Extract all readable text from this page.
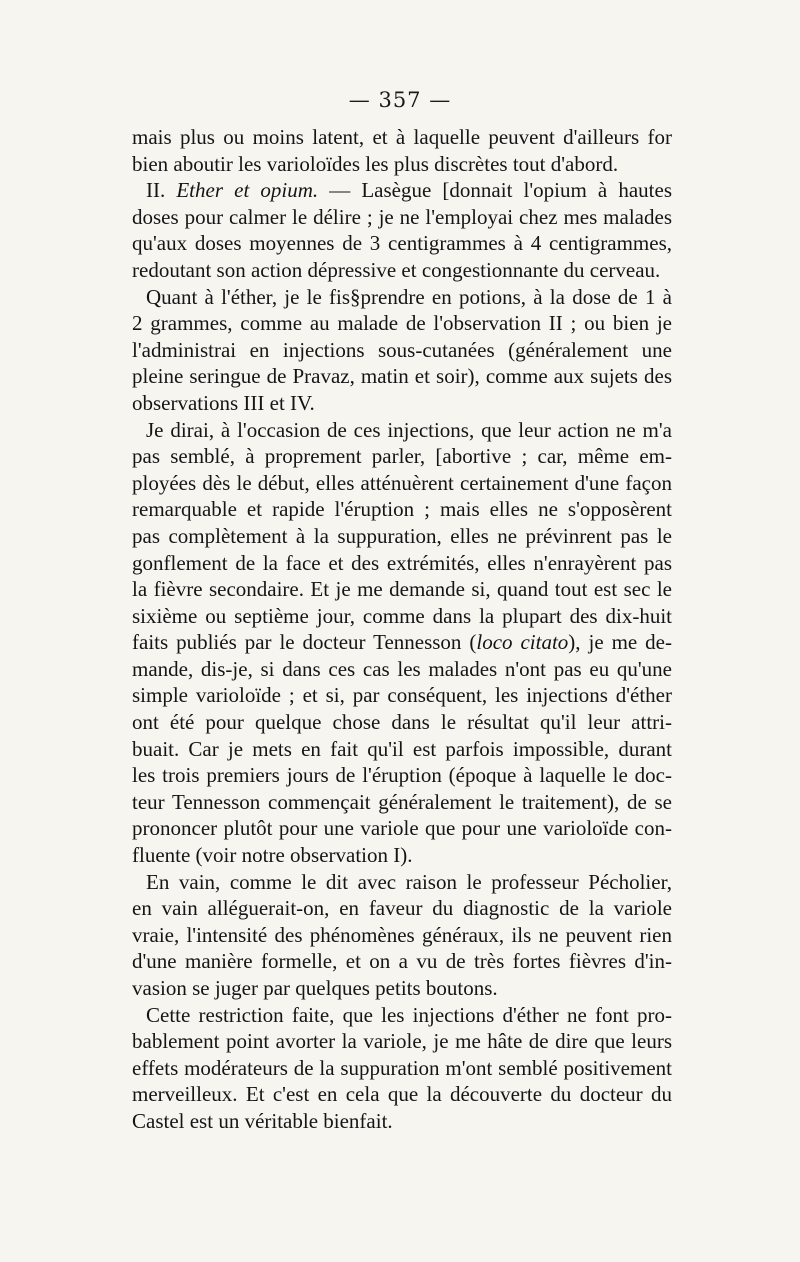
— 357 —
mais plus ou moins latent, et à laquelle peuvent d'ailleurs for
bien aboutir les varioloïdes les plus discrètes tout d'abord.
II. Ether et opium. — Lasègue [donnait l'opium à hautes
doses pour calmer le délire ; je ne l'employai chez mes malades
qu'aux doses moyennes de 3 centigrammes à 4 centigrammes,
redoutant son action dépressive et congestionnante du cerveau.
Quant à l'éther, je le fis§prendre en potions, à la dose de 1 à
2 grammes, comme au malade de l'observation II ; ou bien je
l'administrai en injections sous-cutanées (généralement une
pleine seringue de Pravaz, matin et soir), comme aux sujets des
observations III et IV.
Je dirai, à l'occasion de ces injections, que leur action ne m'a
pas semblé, à proprement parler, [abortive ; car, même em-
ployées dès le début, elles atténuèrent certainement d'une façon
remarquable et rapide l'éruption ; mais elles ne s'opposèrent
pas complètement à la suppuration, elles ne prévinrent pas le
gonflement de la face et des extrémités, elles n'enrayèrent pas
la fièvre secondaire. Et je me demande si, quand tout est sec le
sixième ou septième jour, comme dans la plupart des dix-huit
faits publiés par le docteur Tennesson (loco citato), je me de-
mande, dis-je, si dans ces cas les malades n'ont pas eu qu'une
simple varioloïde ; et si, par conséquent, les injections d'éther
ont été pour quelque chose dans le résultat qu'il leur attri-
buait. Car je mets en fait qu'il est parfois impossible, durant
les trois premiers jours de l'éruption (époque à laquelle le doc-
teur Tennesson commençait généralement le traitement), de se
prononcer plutôt pour une variole que pour une varioloïde con-
fluente (voir notre observation I).
En vain, comme le dit avec raison le professeur Pécholier,
en vain alléguerait-on, en faveur du diagnostic de la variole
vraie, l'intensité des phénomènes généraux, ils ne peuvent rien
d'une manière formelle, et on a vu de très fortes fièvres d'in-
vasion se juger par quelques petits boutons.
Cette restriction faite, que les injections d'éther ne font pro-
bablement point avorter la variole, je me hâte de dire que leurs
effets modérateurs de la suppuration m'ont semblé positivement
merveilleux. Et c'est en cela que la découverte du docteur du
Castel est un véritable bienfait.
